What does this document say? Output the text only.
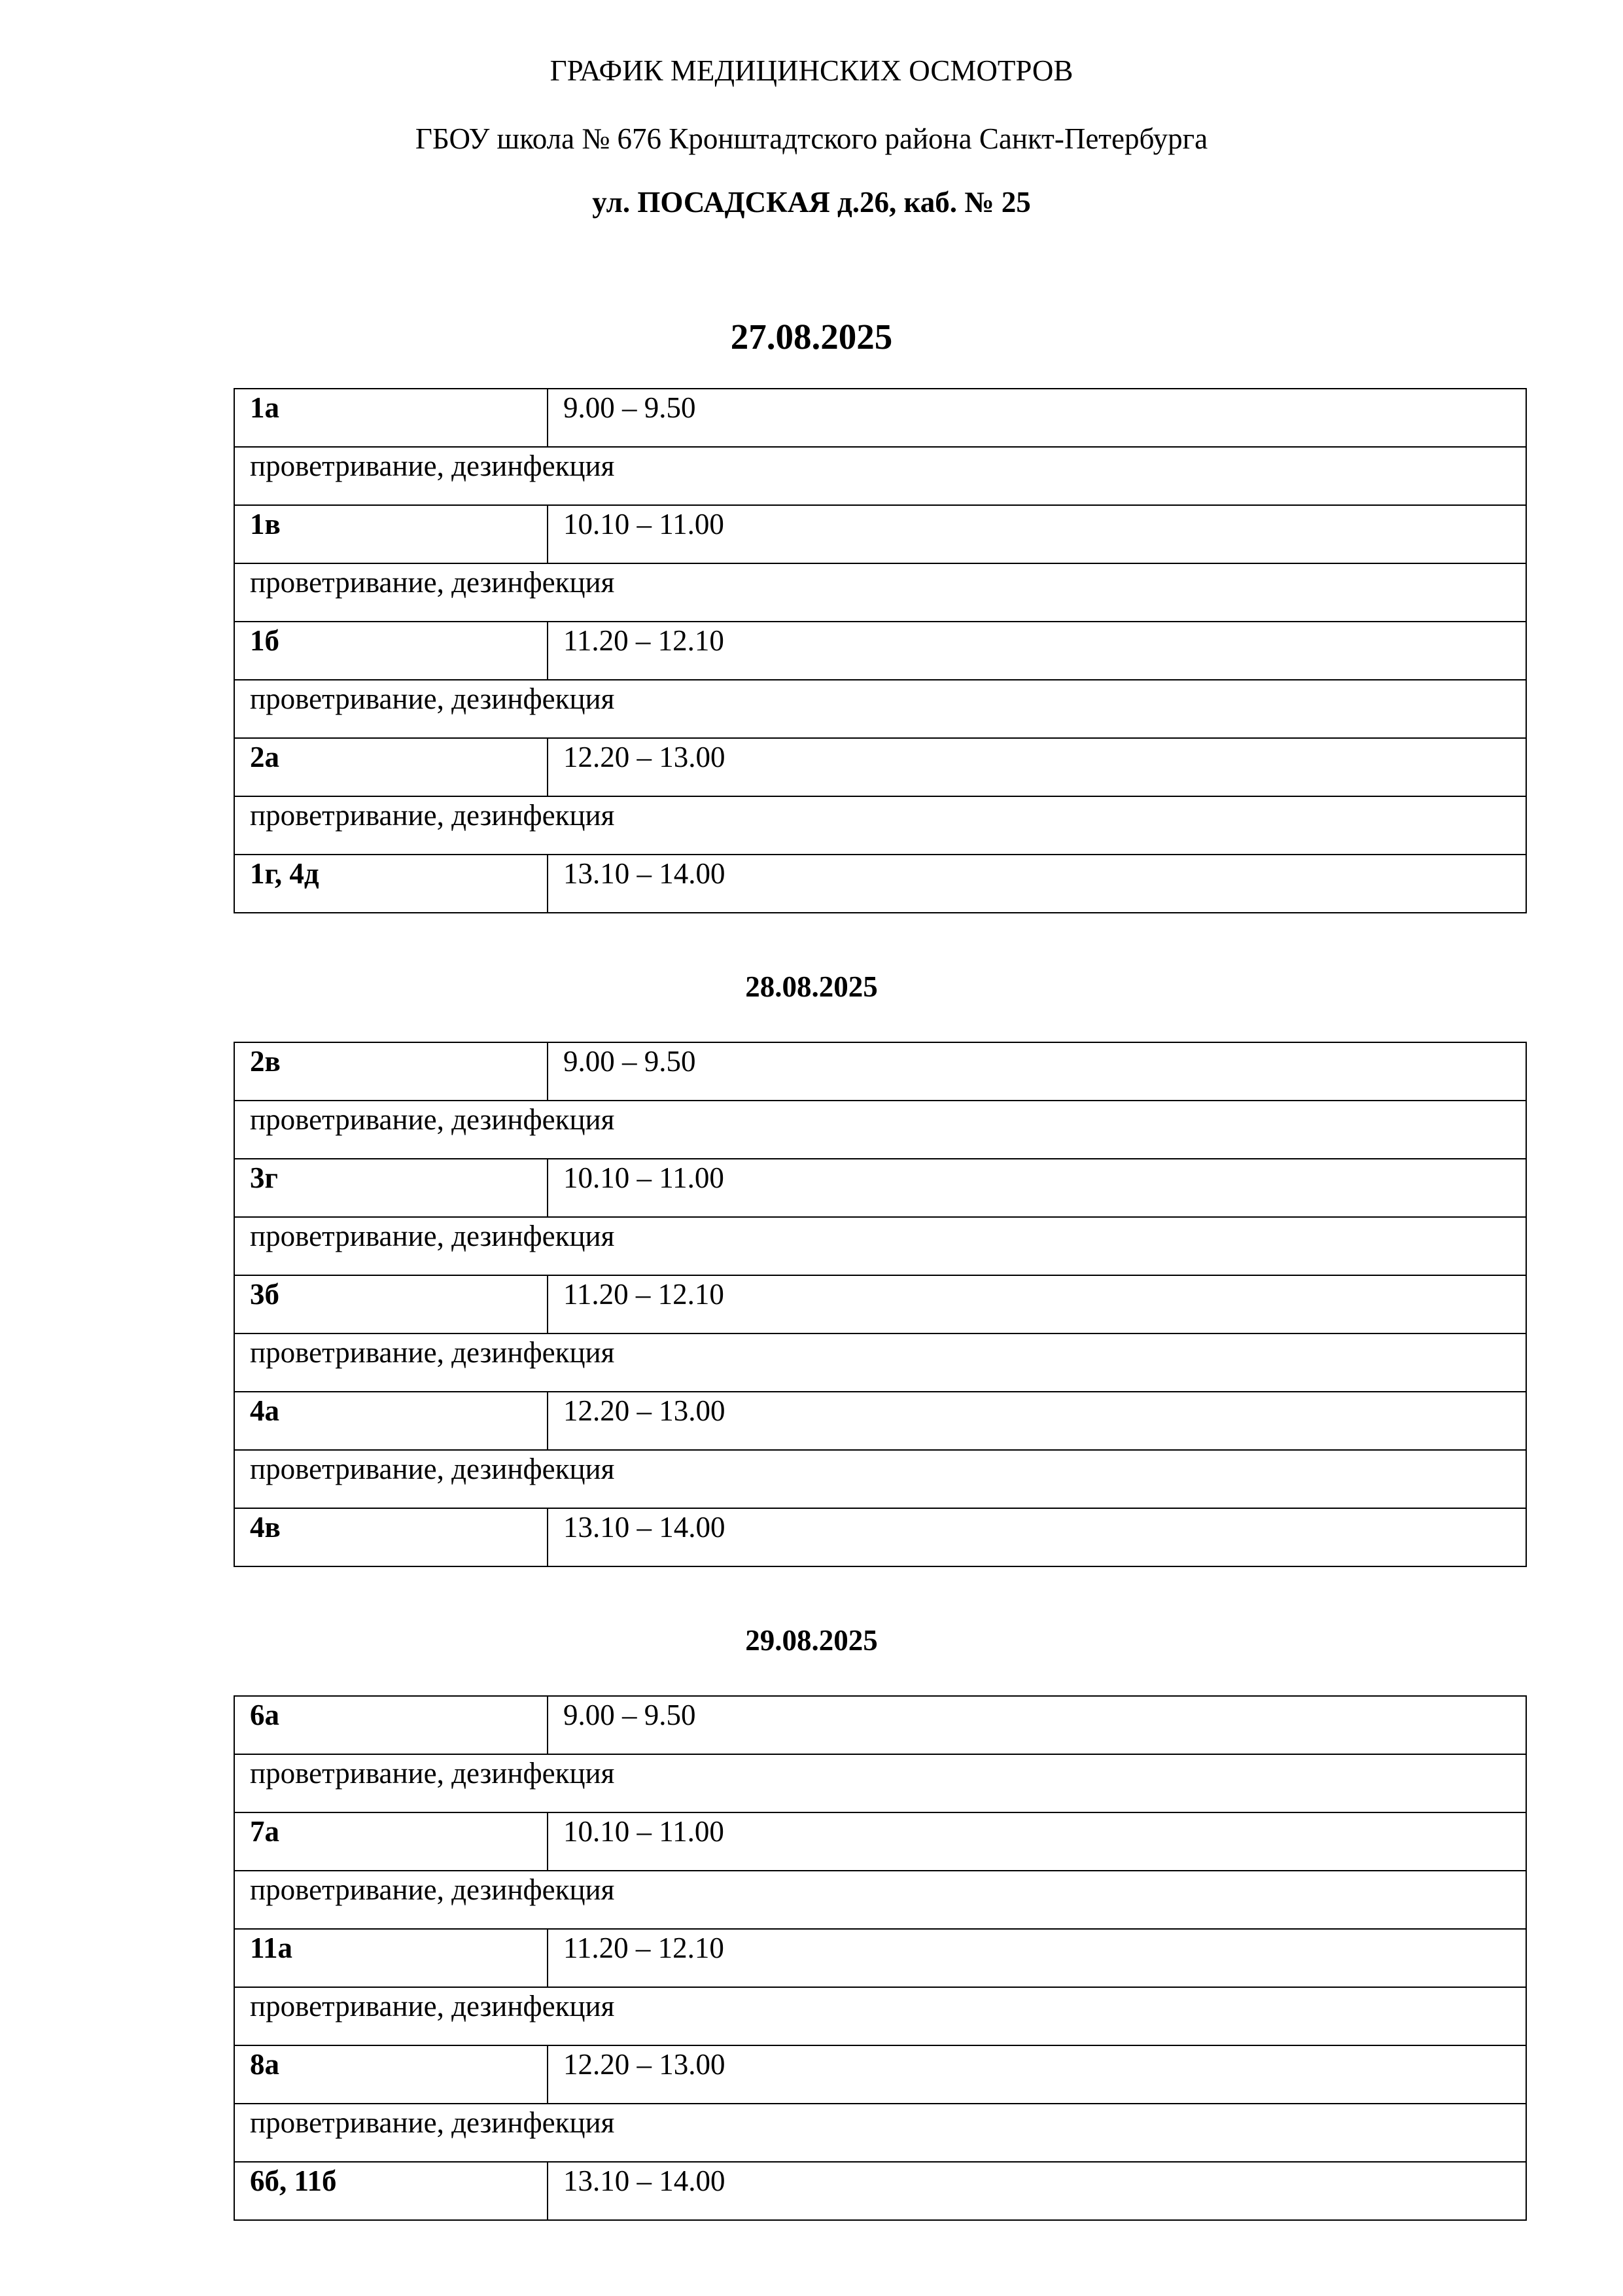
ГРАФИК МЕДИЦИНСКИХ ОСМОТРОВ
ГБОУ школа № 676 Кронштадтского района Санкт-Петербурга
ул. ПОСАДСКАЯ д.26, каб. № 25
27.08.2025
1а	9.00 – 9.50

проветривание, дезинфекция	

1в	10.10 – 11.00

проветривание, дезинфекция	

1б	11.20 – 12.10

проветривание, дезинфекция	

2а	12.20 – 13.00

проветривание, дезинфекция	

1г, 4д	13.10 – 14.00
28.08.2025
2в	9.00 – 9.50

проветривание, дезинфекция	

3г	10.10 – 11.00

проветривание, дезинфекция	

3б	11.20 – 12.10

проветривание, дезинфекция	

4а	12.20 – 13.00

проветривание, дезинфекция	

4в	13.10 – 14.00
29.08.2025
6а	9.00 – 9.50

проветривание, дезинфекция	

7а	10.10 – 11.00

проветривание, дезинфекция	

11а	11.20 – 12.10

проветривание, дезинфекция	

8а	12.20 – 13.00

проветривание, дезинфекция	

6б, 11б	13.10 – 14.00
